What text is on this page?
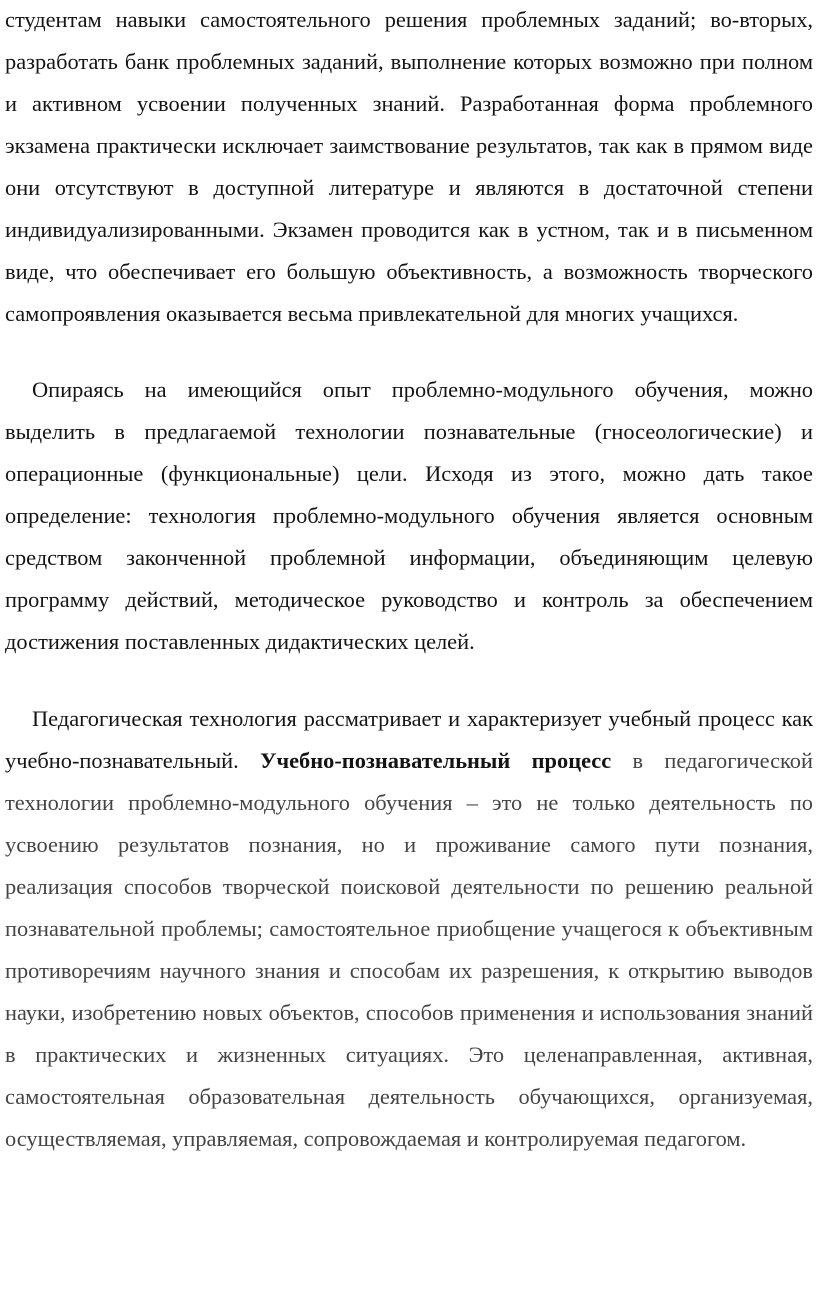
студентам навыки самостоятельного решения проблемных заданий; во-вторых, разработать банк проблемных заданий, выполнение которых возможно при полном и активном усвоении полученных знаний. Разработанная форма проблемного экзамена практически исключает заимствование результатов, так как в прямом виде они отсутствуют в доступной литературе и являются в достаточной степени индивидуализированными. Экзамен проводится как в устном, так и в письменном виде, что обеспечивает его большую объективность, а возможность творческого самопроявления оказывается весьма привлекательной для многих учащихся.

Опираясь на имеющийся опыт проблемно-модульного обучения, можно выделить в предлагаемой технологии познавательные (гносеологические) и операционные (функциональные) цели. Исходя из этого, можно дать такое определение: технология проблемно-модульного обучения является основным средством законченной проблемной информации, объединяющим целевую программу действий, методическое руководство и контроль за обеспечением достижения поставленных дидактических целей.

Педагогическая технология рассматривает и характеризует учебный процесс как учебно-познавательный. Учебно-познавательный процесс в педагогической технологии проблемно-модульного обучения – это не только деятельность по усвоению результатов познания, но и проживание самого пути познания, реализация способов творческой поисковой деятельности по решению реальной познавательной проблемы; самостоятельное приобщение учащегося к объективным противоречиям научного знания и способам их разрешения, к открытию выводов науки, изобретению новых объектов, способов применения и использования знаний в практических и жизненных ситуациях. Это целенаправленная, активная, самостоятельная образовательная деятельность обучающихся, организуемая, осуществляемая, управляемая, сопровождаемая и контролируемая педагогом.
